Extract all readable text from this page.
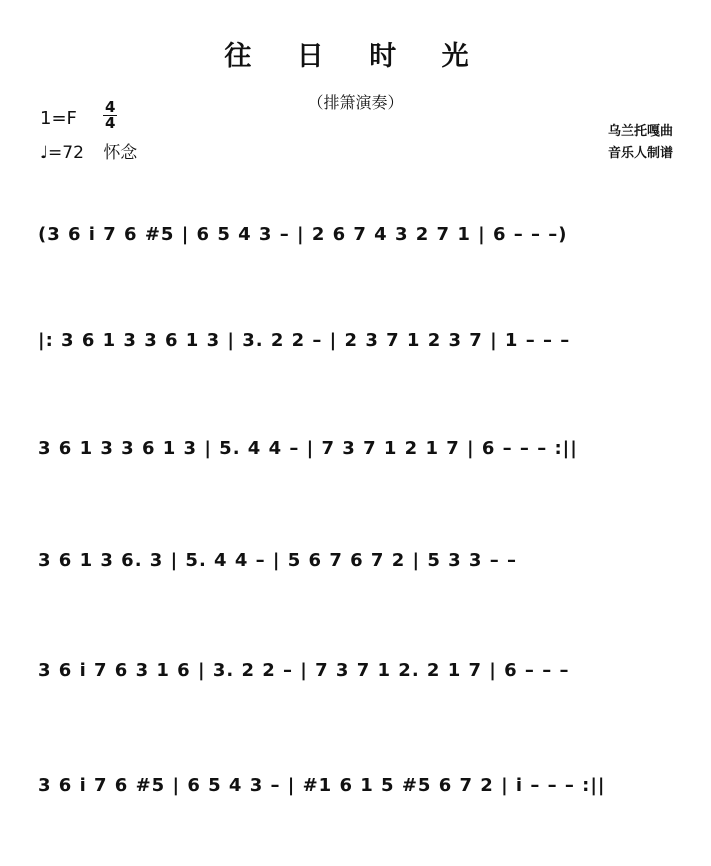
往 日 时 光
（排箫演奏）
$1=F \frac{4}{4}$
♩=72 怀念
乌兰托嘎曲
音乐人制谱
(3 6 i 7 6 #5 | 6 5 4 3 – | 2 6 7 4 3 2 7 1 | 6 – – –)
|: 3 6 1 3 3 6 1 3 | 3. 2 2 – | 2 3 7 1 2 3 7 | 1 – – –
3 6 1 3 3 6 1 3 | 5. 4 4 – | 7 3 7 1 2 1 7 | 6 – – – :||
3 6 1 3 6. 3 | 5. 4 4 – | 5 6 7 6 7 2 | 5 3 3 – –
3 6 i 7 6 3 1 6 | 3. 2 2 – | 7 3 7 1 2. 2 1 7 | 6 – – –
3 6 i 7 6 #5 | 6 5 4 3 – | #1 6 1 5 #5 6 7 2 | i – – – :||
